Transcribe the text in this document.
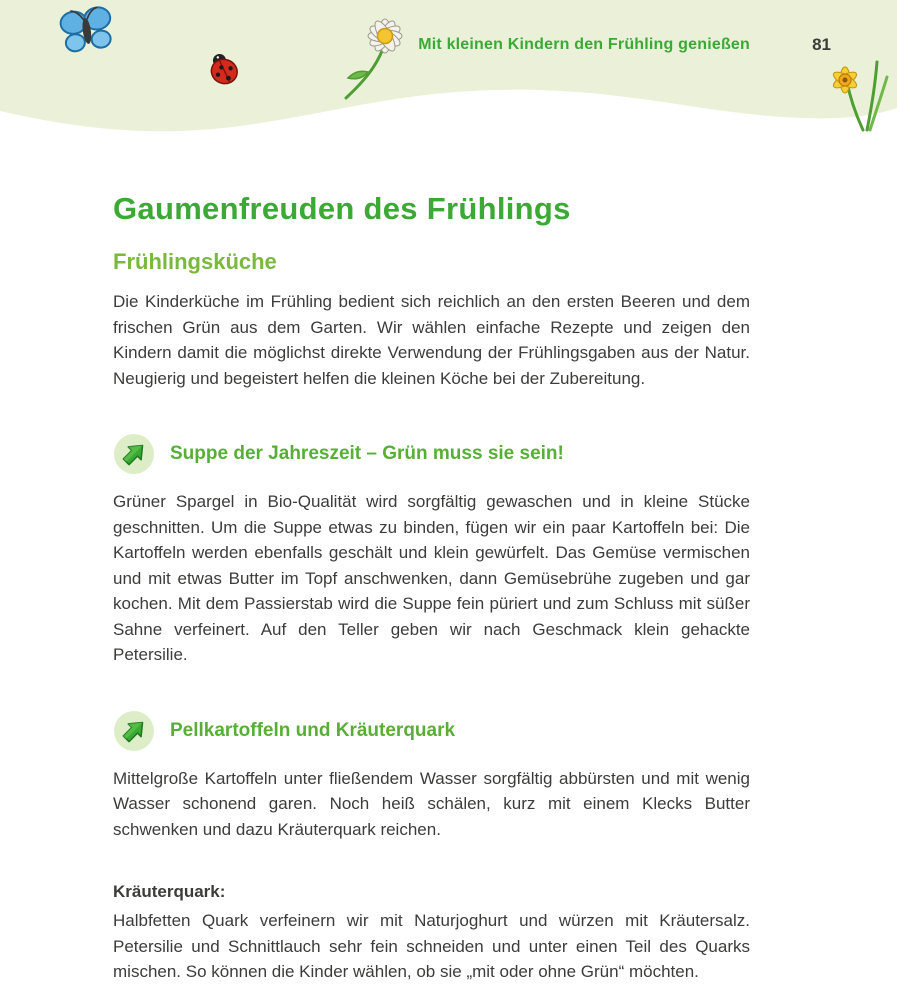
Mit kleinen Kindern den Frühling genießen	81
Gaumenfreuden des Frühlings
Frühlingsküche

Die Kinderküche im Frühling bedient sich reichlich an den ersten Beeren und dem frischen Grün aus dem Garten. Wir wählen einfache Rezepte und zeigen den Kindern damit die möglichst direkte Verwendung der Frühlingsgaben aus der Natur. Neugierig und begeistert helfen die kleinen Köche bei der Zubereitung.

Suppe der Jahreszeit – Grün muss sie sein!

Grüner Spargel in Bio-Qualität wird sorgfältig gewaschen und in kleine Stücke geschnitten. Um die Suppe etwas zu binden, fügen wir ein paar Kartoffeln bei: Die Kartoffeln werden ebenfalls geschält und klein gewürfelt. Das Gemüse vermischen und mit etwas Butter im Topf anschwenken, dann Gemüsebrühe zugeben und gar kochen. Mit dem Passierstab wird die Suppe fein püriert und zum Schluss mit süßer Sahne verfeinert. Auf den Teller geben wir nach Geschmack klein gehackte Petersilie.

Pellkartoffeln und Kräuterquark

Mittelgroße Kartoffeln unter fließendem Wasser sorgfältig abbürsten und mit wenig Wasser schonend garen. Noch heiß schälen, kurz mit einem Klecks Butter schwenken und dazu Kräuterquark reichen.

Kräuterquark:

Halbfetten Quark verfeinern wir mit Naturjoghurt und würzen mit Kräutersalz. Petersilie und Schnittlauch sehr fein schneiden und unter einen Teil des Quarks mischen. So können die Kinder wählen, ob sie „mit oder ohne Grün“ möchten.
